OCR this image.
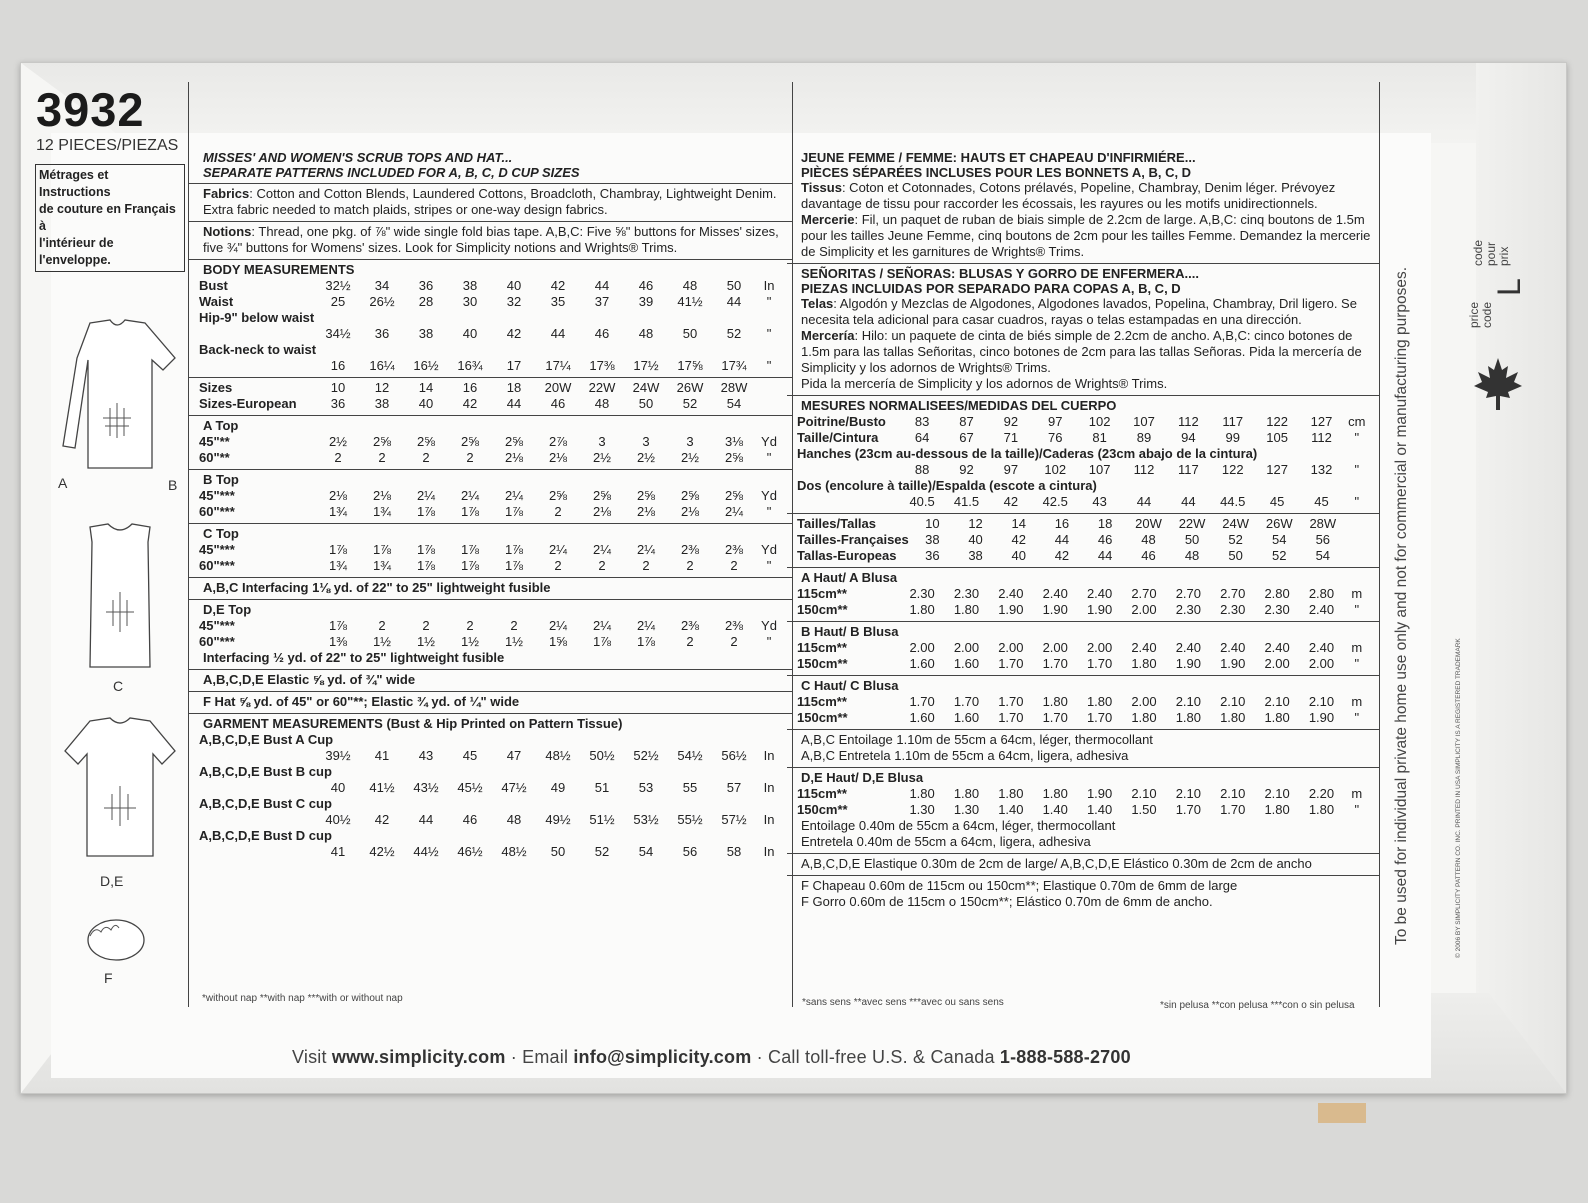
3932
12 PIECES/PIEZAS
Métrages et Instructions
de couture en Français à
l'intérieur de
l'enveloppe.
A	B
C
D,E
F
MISSES' AND WOMEN'S SCRUB TOPS AND HAT...
SEPARATE PATTERNS INCLUDED FOR A, B, C, D CUP SIZES
Fabrics: Cotton and Cotton Blends, Laundered Cottons, Broadcloth, Chambray, Lightweight Denim. Extra fabric needed to match plaids, stripes or one-way design fabrics.
Notions: Thread, one pkg. of ⅞" wide single fold bias tape. A,B,C: Five ⅝" buttons for Misses' sizes, five ¾" buttons for Womens' sizes. Look for Simplicity notions and Wrights® Trims.
BODY MEASUREMENTS
Bust	32½	34	36	38	40	42	44	46	48	50	In
Waist	25	26½	28	30	32	35	37	39	41½	44	"
Hip-9" below waist											
	34½	36	38	40	42	44	46	48	50	52	"
Back-neck to waist											
	16	16¼	16½	16¾	17	17¼	17⅜	17½	17⅝	17¾	"
Sizes	10	12	14	16	18	20W	22W	24W	26W	28W	
Sizes-European	36	38	40	42	44	46	48	50	52	54	
A Top
45"**	2½	2⅝	2⅝	2⅝	2⅝	2⅞	3	3	3	3⅛	Yd
60"**	2	2	2	2	2⅛	2⅛	2½	2½	2½	2⅝	"
B Top
45"***	2⅛	2⅛	2¼	2¼	2¼	2⅝	2⅝	2⅝	2⅝	2⅝	Yd
60"***	1¾	1¾	1⅞	1⅞	1⅞	2	2⅛	2⅛	2⅛	2¼	"
C Top
45"***	1⅞	1⅞	1⅞	1⅞	1⅞	2¼	2¼	2¼	2⅜	2⅜	Yd
60"***	1¾	1¾	1⅞	1⅞	1⅞	2	2	2	2	2	"
A,B,C Interfacing 1⅛ yd. of 22" to 25" lightweight fusible
D,E Top
45"***	1⅞	2	2	2	2	2¼	2¼	2¼	2⅜	2⅜	Yd
60"***	1⅜	1½	1½	1½	1½	1⅝	1⅞	1⅞	2	2	"
Interfacing ½ yd. of 22" to 25" lightweight fusible
A,B,C,D,E Elastic ⅝ yd. of ¾" wide
F Hat ⅝ yd. of 45" or 60"**; Elastic ¾ yd. of ¼" wide
GARMENT MEASUREMENTS (Bust & Hip Printed on Pattern Tissue)
A,B,C,D,E Bust A Cup											
	39½	41	43	45	47	48½	50½	52½	54½	56½	In
A,B,C,D,E Bust B cup											
	40	41½	43½	45½	47½	49	51	53	55	57	In
A,B,C,D,E Bust C cup											
	40½	42	44	46	48	49½	51½	53½	55½	57½	In
A,B,C,D,E Bust D cup											
	41	42½	44½	46½	48½	50	52	54	56	58	In
*without nap **with nap ***with or without nap
JEUNE FEMME / FEMME: HAUTS ET CHAPEAU D'INFIRMIÉRE...
PIÈCES SÉPARÉES INCLUSES POUR LES BONNETS A, B, C, D
Tissus: Coton et Cotonnades, Cotons prélavés, Popeline, Chambray, Denim léger. Prévoyez davantage de tissu pour raccorder les écossais, les rayures ou les motifs unidirectionnels.
Mercerie: Fil, un paquet de ruban de biais simple de 2.2cm de large. A,B,C: cinq boutons de 1.5m pour les tailles Jeune Femme, cinq boutons de 2cm pour les tailles Femme. Demandez la mercerie de Simplicity et les garnitures de Wrights® Trims.
SEÑORITAS / SEÑORAS: BLUSAS Y GORRO DE ENFERMERA....
PIEZAS INCLUIDAS POR SEPARADO PARA COPAS A, B, C, D
Telas: Algodón y Mezclas de Algodones, Algodones lavados, Popelina, Chambray, Dril ligero. Se necesita tela adicional para casar cuadros, rayas o telas estampadas en una dirección.
Mercería: Hilo: un paquete de cinta de biés simple de 2.2cm de ancho. A,B,C: cinco botones de 1.5m para las tallas Señoritas, cinco botones de 2cm para las tallas Señoras. Pida la mercería de Simplicity y los adornos de Wrights® Trims.
Pida la mercería de Simplicity y los adornos de Wrights® Trims.
MESURES NORMALISEES/MEDIDAS DEL CUERPO
Poitrine/Busto	83	87	92	97	102	107	112	117	122	127	cm
Taille/Cintura	64	67	71	76	81	89	94	99	105	112	"
Hanches (23cm au-dessous de la taille)/Caderas (23cm abajo de la cintura)											
	88	92	97	102	107	112	117	122	127	132	"
Dos (encolure à taille)/Espalda (escote a cintura)											
	40.5	41.5	42	42.5	43	44	44	44.5	45	45	"
Tailles/Tallas	10	12	14	16	18	20W	22W	24W	26W	28W	
Tailles-Françaises	38	40	42	44	46	48	50	52	54	56	
Tallas-Europeas	36	38	40	42	44	46	48	50	52	54	
A Haut/ A Blusa
115cm**	2.30	2.30	2.40	2.40	2.40	2.70	2.70	2.70	2.80	2.80	m
150cm**	1.80	1.80	1.90	1.90	1.90	2.00	2.30	2.30	2.30	2.40	"
B Haut/ B Blusa
115cm**	2.00	2.00	2.00	2.00	2.00	2.40	2.40	2.40	2.40	2.40	m
150cm**	1.60	1.60	1.70	1.70	1.70	1.80	1.90	1.90	2.00	2.00	"
C Haut/ C Blusa
115cm**	1.70	1.70	1.70	1.80	1.80	2.00	2.10	2.10	2.10	2.10	m
150cm**	1.60	1.60	1.70	1.70	1.70	1.80	1.80	1.80	1.80	1.90	"
A,B,C Entoilage 1.10m de 55cm a 64cm, léger, thermocollant
A,B,C Entretela 1.10m de 55cm a 64cm, ligera, adhesiva
D,E Haut/ D,E Blusa
115cm**	1.80	1.80	1.80	1.80	1.90	2.10	2.10	2.10	2.10	2.20	m
150cm**	1.30	1.30	1.40	1.40	1.40	1.50	1.70	1.70	1.80	1.80	"
Entoilage 0.40m de 55cm a 64cm, léger, thermocollant
Entretela 0.40m de 55cm a 64cm, ligera, adhesiva
A,B,C,D,E Elastique 0.30m de 2cm de large/ A,B,C,D,E Elástico 0.30m de 2cm de ancho
F Chapeau 0.60m de 115cm ou 150cm**; Elastique 0.70m de 6mm de large
F Gorro 0.60m de 115cm o 150cm**; Elástico 0.70m de 6mm de ancho.
*sans sens **avec sens ***avec ou sans sens	*sin pelusa **con pelusa ***con o sin pelusa
Visit www.simplicity.com · Email info@simplicity.com · Call toll-free U.S. & Canada 1-888-588-2700
To be used for individual private home use only and not for commercial or manufacturing purposes.	© 2006 BY SIMPLICITY PATTERN CO. INC. PRINTED IN USA SIMPLICITY IS A REGISTERED TRADEMARK
price
code
L
code
pour
prix
